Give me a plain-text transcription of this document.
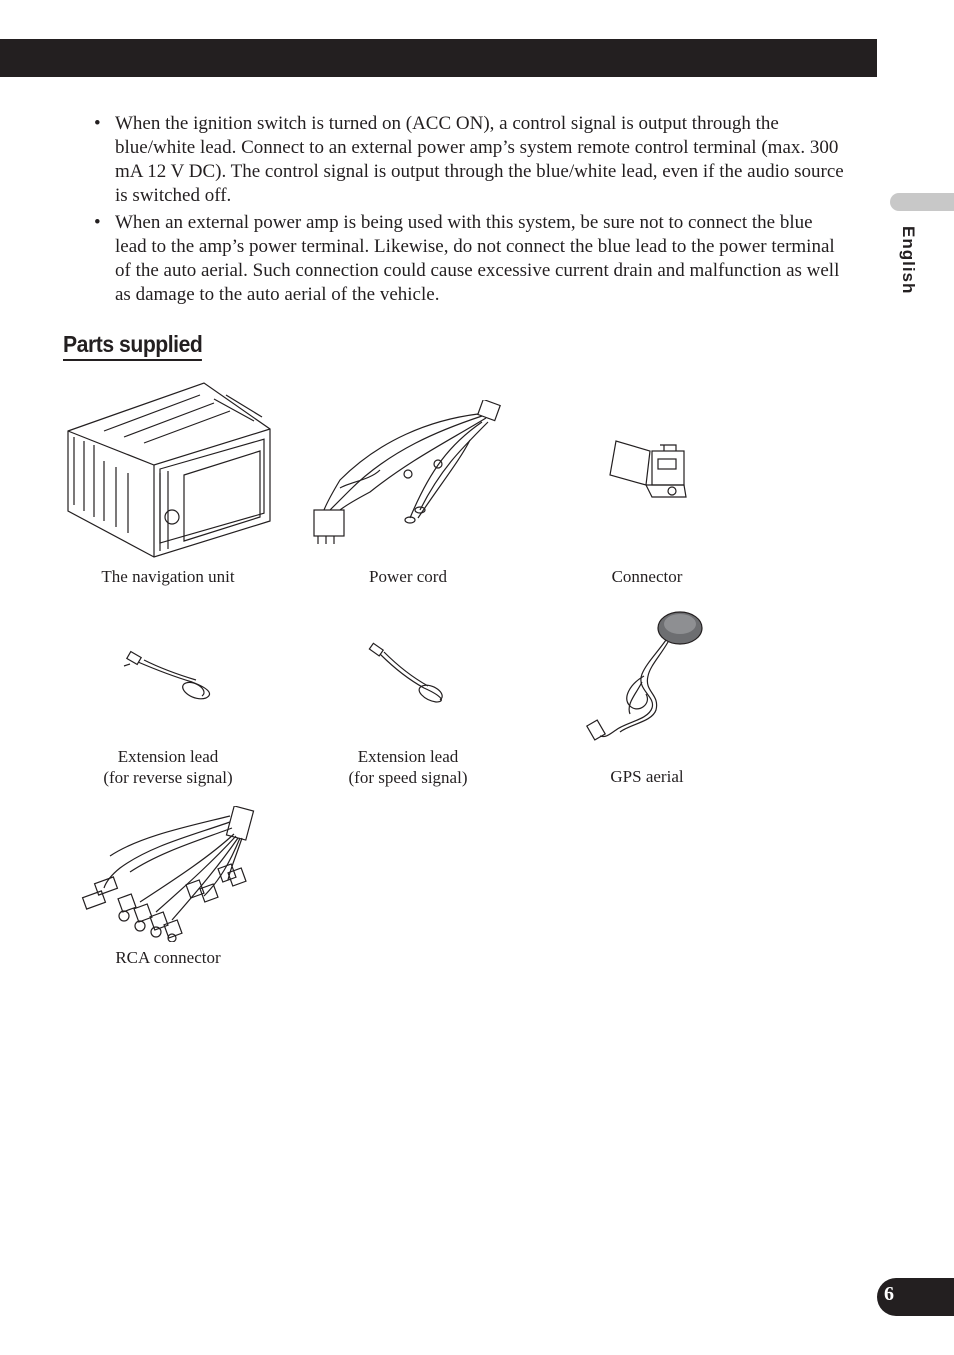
English
• When the ignition switch is turned on (ACC ON), a control signal is output through the blue/white lead. Connect to an external power amp’s system remote control terminal (max. 300 mA 12 V DC). The control signal is output through the blue/white lead, even if the audio source is switched off.
• When an external power amp is being used with this system, be sure not to connect the blue lead to the amp’s power terminal. Likewise, do not connect the blue lead to the power terminal of the auto aerial. Such connection could cause excessive current drain and malfunction as well as damage to the auto aerial of the vehicle.
Parts supplied
The navigation unit	Power cord	Connector
Extension lead
(for reverse signal)
Extension lead
(for speed signal)	GPS aerial
RCA connector
6
